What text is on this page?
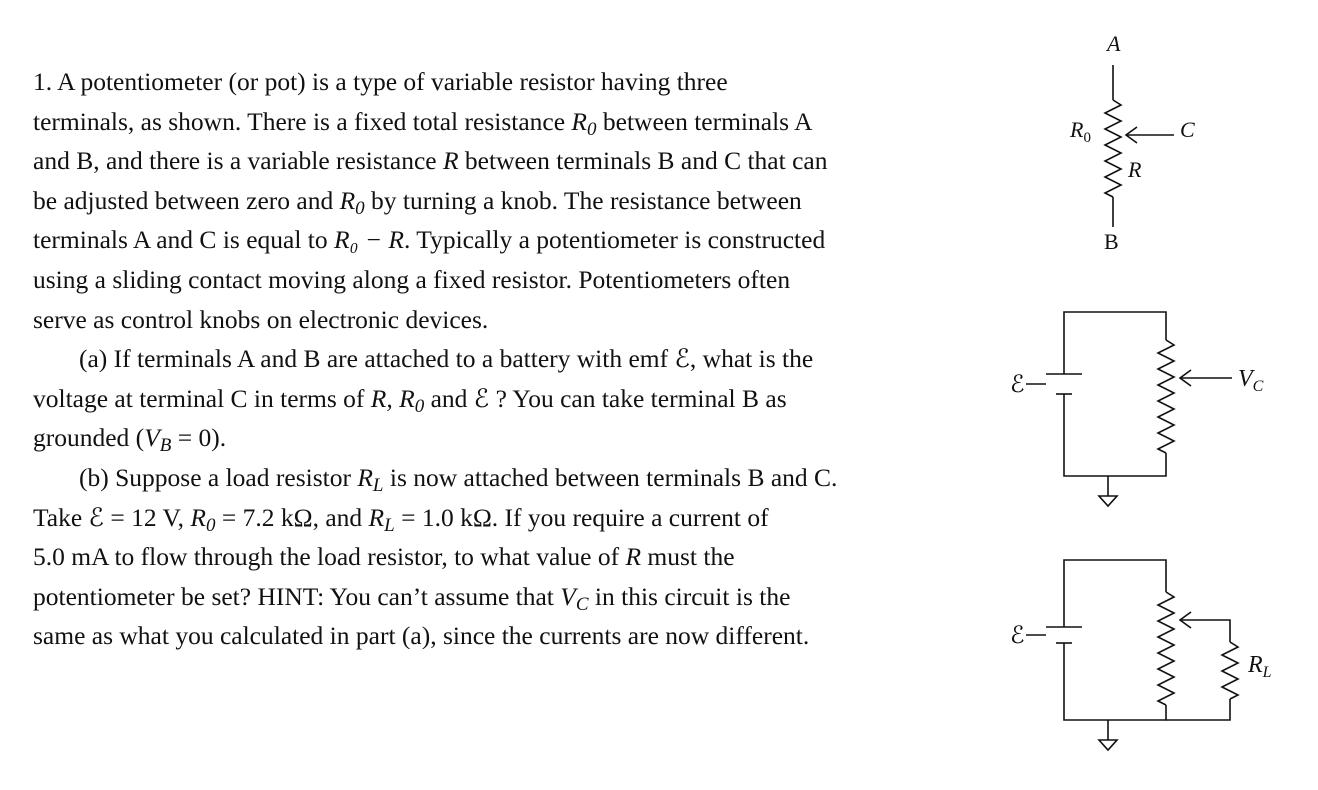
1. A potentiometer (or pot) is a type of variable resistor having three
terminals, as shown. There is a fixed total resistance R0 between terminals A
and B, and there is a variable resistance R between terminals B and C that can
be adjusted between zero and R0 by turning a knob. The resistance between
terminals A and C is equal to R₀ − R. Typically a potentiometer is constructed
using a sliding contact moving along a fixed resistor. Potentiometers often
serve as control knobs on electronic devices.
(a) If terminals A and B are attached to a battery with emf ℰ, what is the
voltage at terminal C in terms of R, R0 and ℰ ? You can take terminal B as
grounded (VB = 0).
(b) Suppose a load resistor RL is now attached between terminals B and C.
Take ℰ = 12 V, R0 = 7.2 kΩ, and RL = 1.0 kΩ. If you require a current of
5.0 mA to flow through the load resistor, to what value of R must the
potentiometer be set? HINT: You can’t assume that VC in this circuit is the
same as what you calculated in part (a), since the currents are now different.
A
C
R
B
$R_0$
ℰ	$V_C$
ℰ
$R_L$
